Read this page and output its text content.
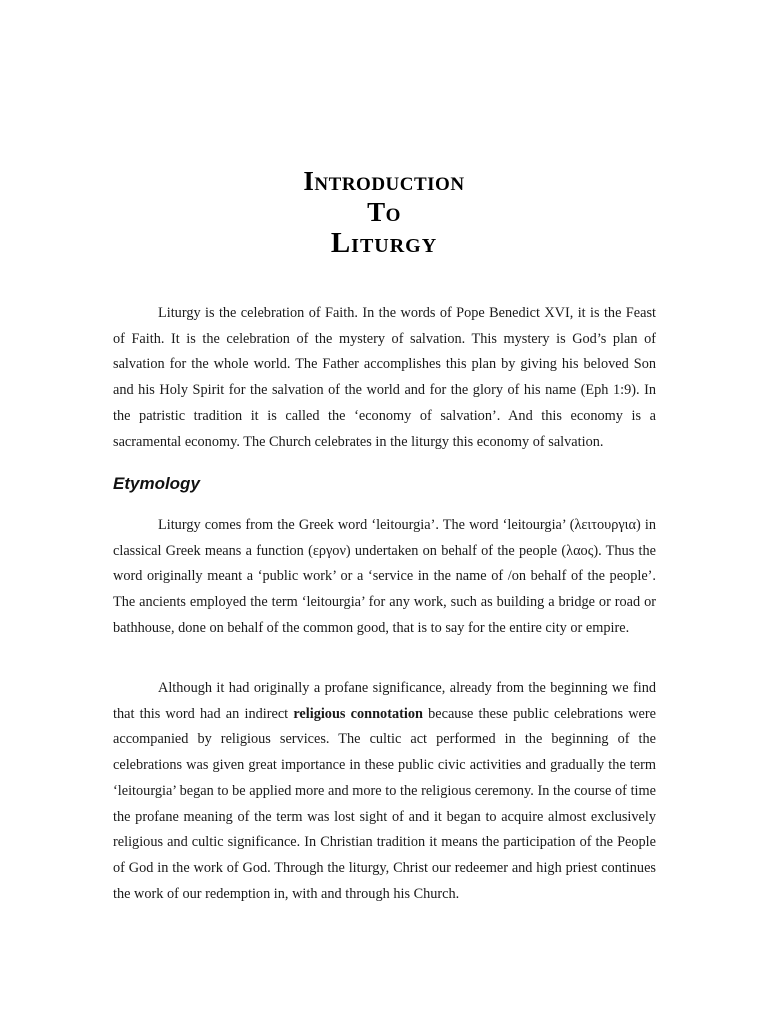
Introduction
To
Liturgy

Liturgy is the celebration of Faith. In the words of Pope Benedict XVI, it is the Feast of Faith. It is the celebration of the mystery of salvation. This mystery is God’s plan of salvation for the whole world. The Father accomplishes this plan by giving his beloved Son and his Holy Spirit for the salvation of the world and for the glory of his name (Eph 1:9). In the patristic tradition it is called the ‘economy of salvation’. And this economy is a sacramental economy. The Church celebrates in the liturgy this economy of salvation.

Etymology

Liturgy comes from the Greek word ‘leitourgia’. The word ‘leitourgia’ (λειτουργια) in classical Greek means a function (εργον) undertaken on behalf of the people (λαος). Thus the word originally meant a ‘public work’ or a ‘service in the name of /on behalf of the people’. The ancients employed the term ‘leitourgia’ for any work, such as building a bridge or road or bathhouse, done on behalf of the common good, that is to say for the entire city or empire.

Although it had originally a profane significance, already from the beginning we find that this word had an indirect religious connotation because these public celebrations were accompanied by religious services. The cultic act performed in the beginning of the celebrations was given great importance in these public civic activities and gradually the term ‘leitourgia’ began to be applied more and more to the religious ceremony. In the course of time the profane meaning of the term was lost sight of and it began to acquire almost exclusively religious and cultic significance. In Christian tradition it means the participation of the People of God in the work of God. Through the liturgy, Christ our redeemer and high priest continues the work of our redemption in, with and through his Church.
